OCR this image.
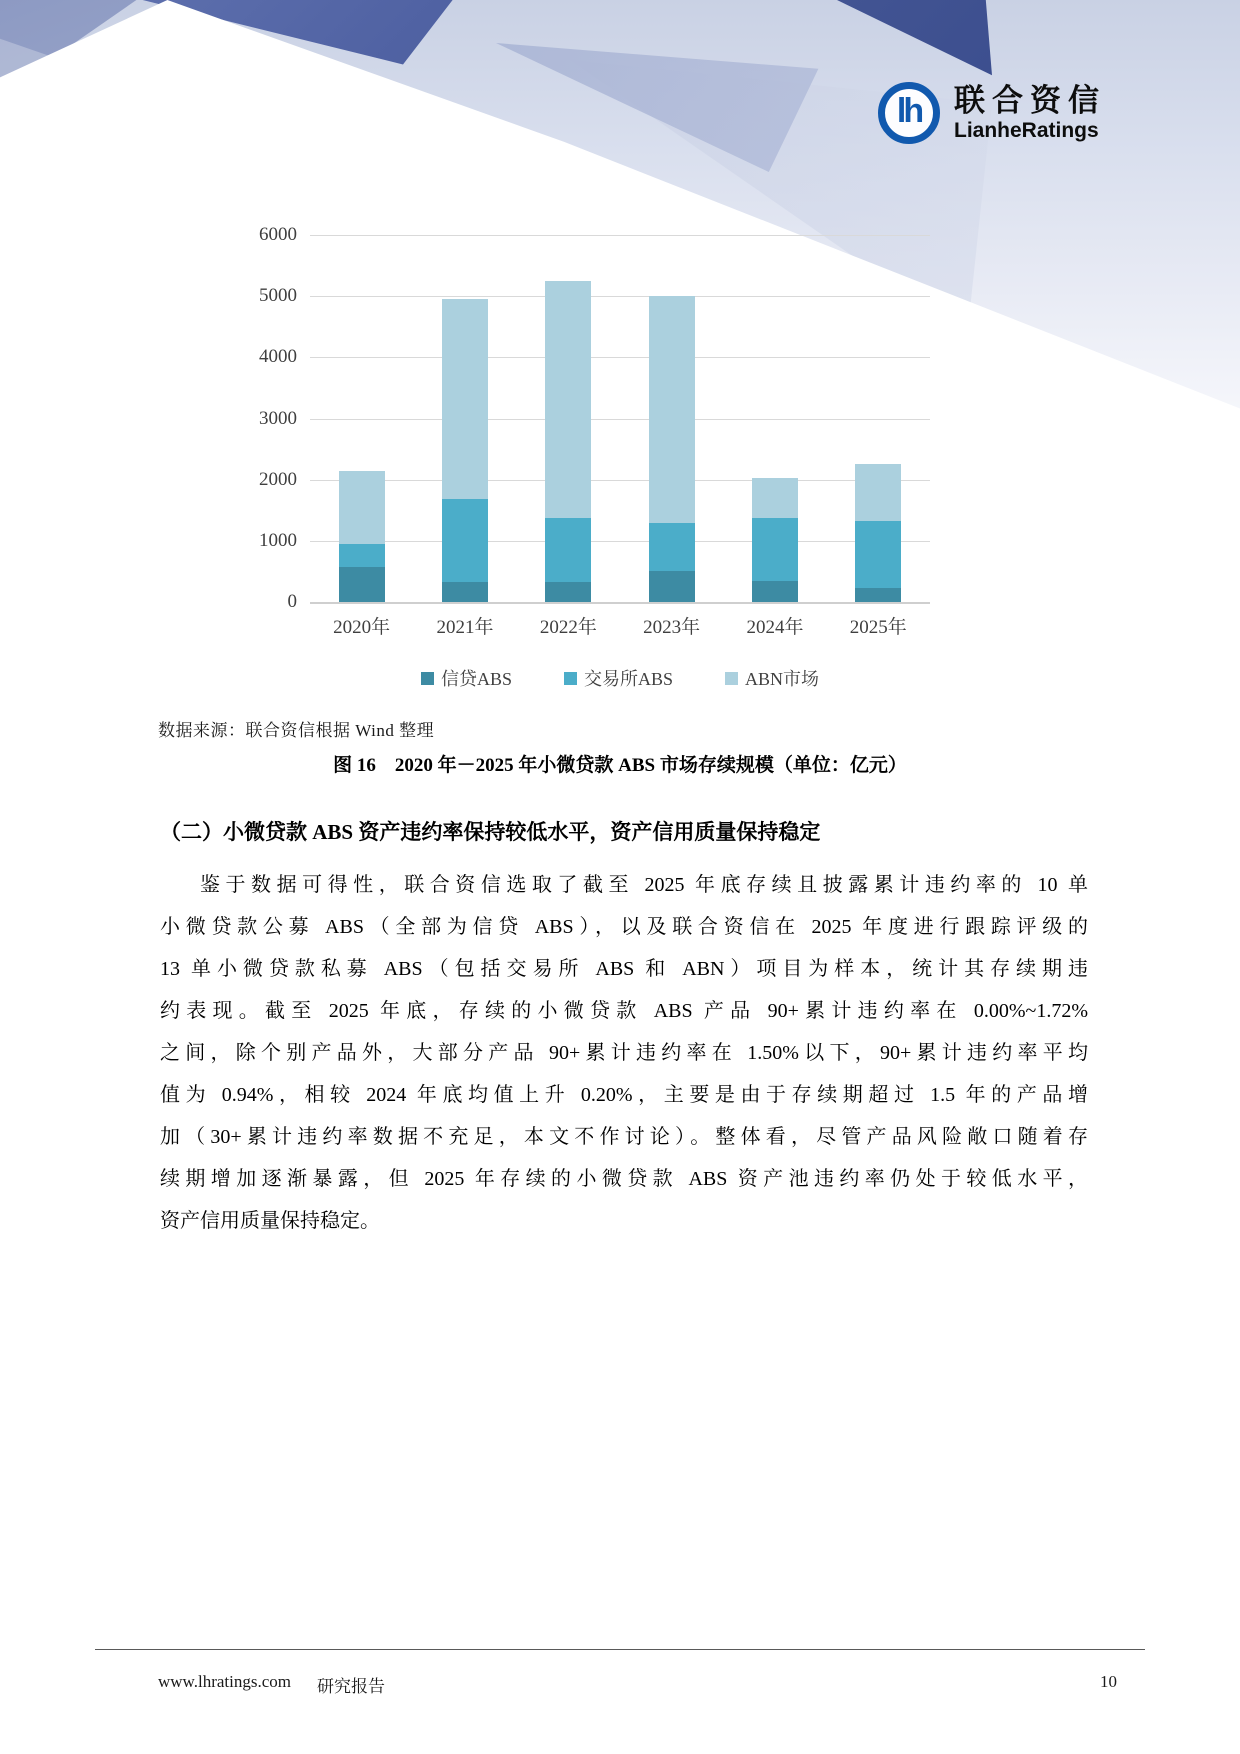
lh 联合资信
LianheRatings
0
1000
2000
3000
4000
5000
6000
2020年	2021年	2022年	2023年	2024年	2025年
信贷ABS	交易所ABS	ABN市场
数据来源：联合资信根据 Wind 整理
图 16　2020 年－2025 年小微贷款 ABS 市场存续规模（单位：亿元）
（二）小微贷款 ABS 资产违约率保持较低水平，资产信用质量保持稳定
鉴于数据可得性，联合资信选取了截至 2025 年底存续且披露累计违约率的 10 单
小微贷款公募 ABS（全部为信贷 ABS），以及联合资信在 2025 年度进行跟踪评级的
13 单小微贷款私募 ABS（包括交易所 ABS 和 ABN）项目为样本，统计其存续期违
约表现。截至 2025 年底，存续的小微贷款 ABS 产品 90+累计违约率在 0.00%~1.72%
之间，除个别产品外，大部分产品 90+累计违约率在 1.50%以下，90+累计违约率平均
值为 0.94%，相较 2024 年底均值上升 0.20%，主要是由于存续期超过 1.5 年的产品增
加（30+累计违约率数据不充足，本文不作讨论）。整体看，尽管产品风险敞口随着存
续期增加逐渐暴露，但 2025 年存续的小微贷款 ABS 资产池违约率仍处于较低水平，
资产信用质量保持稳定。
www.lhratings.com 研究报告	10
